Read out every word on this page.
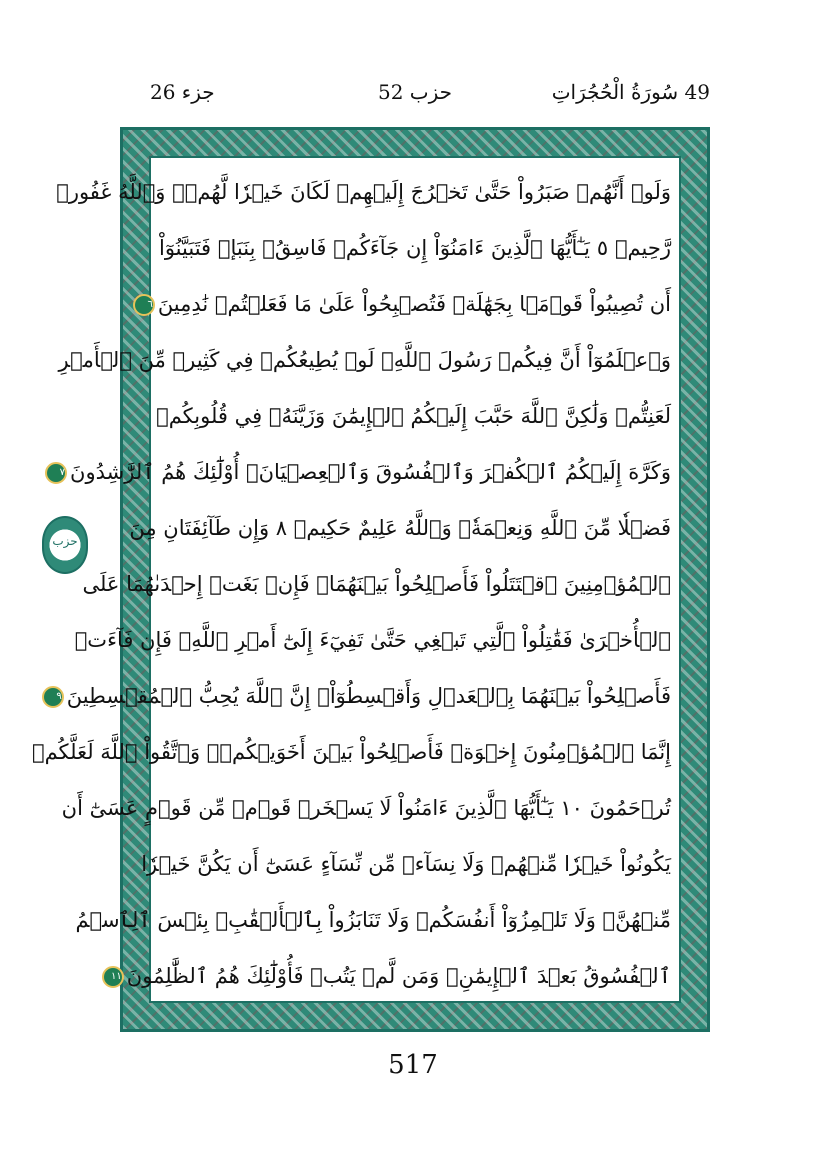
49 سُورَةُ الْحُجُرَاتِ
حزب 52
جزء 26
حزب
وَلَوۡ أَنَّهُمۡ صَبَرُواْ حَتَّىٰ تَخۡرُجَ إِلَيۡهِمۡ لَكَانَ خَيۡرٗا لَّهُمۡۚ وَٱللَّهُ غَفُورٞ
رَّحِيمٞ ٥ يَـٰٓأَيُّهَا ٱلَّذِينَ ءَامَنُوٓاْ إِن جَآءَكُمۡ فَاسِقُۢ بِنَبَإٖ فَتَبَيَّنُوٓاْ
أَن تُصِيبُواْ قَوۡمَۢا بِجَهَٰلَةٖ فَتُصۡبِحُواْ عَلَىٰ مَا فَعَلۡتُمۡ نَٰدِمِينَ٦
وَٱعۡلَمُوٓاْ أَنَّ فِيكُمۡ رَسُولَ ٱللَّهِۚ لَوۡ يُطِيعُكُمۡ فِي كَثِيرٖ مِّنَ ٱلۡأَمۡرِ
لَعَنِتُّمۡ وَلَٰكِنَّ ٱللَّهَ حَبَّبَ إِلَيۡكُمُ ٱلۡإِيمَٰنَ وَزَيَّنَهُۥ فِي قُلُوبِكُمۡ
وَكَرَّهَ إِلَيۡكُمُ ٱلۡكُفۡرَ وَٱلۡفُسُوقَ وَٱلۡعِصۡيَانَۚ أُوْلَٰٓئِكَ هُمُ ٱلرَّٰشِدُونَ٧
فَضۡلٗا مِّنَ ٱللَّهِ وَنِعۡمَةٗۚ وَٱللَّهُ عَلِيمٌ حَكِيمٞ ٨ وَإِن طَآئِفَتَانِ مِنَ
ٱلۡمُؤۡمِنِينَ ٱقۡتَتَلُواْ فَأَصۡلِحُواْ بَيۡنَهُمَاۖ فَإِنۢ بَغَتۡ إِحۡدَىٰهُمَا عَلَى
ٱلۡأُخۡرَىٰ فَقَٰتِلُواْ ٱلَّتِي تَبۡغِي حَتَّىٰ تَفِيٓءَ إِلَىٰٓ أَمۡرِ ٱللَّهِۚ فَإِن فَآءَتۡ
فَأَصۡلِحُواْ بَيۡنَهُمَا بِٱلۡعَدۡلِ وَأَقۡسِطُوٓاْۖ إِنَّ ٱللَّهَ يُحِبُّ ٱلۡمُقۡسِطِينَ٩
إِنَّمَا ٱلۡمُؤۡمِنُونَ إِخۡوَةٞ فَأَصۡلِحُواْ بَيۡنَ أَخَوَيۡكُمۡۚ وَٱتَّقُواْ ٱللَّهَ لَعَلَّكُمۡ
تُرۡحَمُونَ ١٠ يَـٰٓأَيُّهَا ٱلَّذِينَ ءَامَنُواْ لَا يَسۡخَرۡ قَوۡمٞ مِّن قَوۡمٍ عَسَىٰٓ أَن
يَكُونُواْ خَيۡرٗا مِّنۡهُمۡ وَلَا نِسَآءٞ مِّن نِّسَآءٍ عَسَىٰٓ أَن يَكُنَّ خَيۡرٗا
مِّنۡهُنَّۖ وَلَا تَلۡمِزُوٓاْ أَنفُسَكُمۡ وَلَا تَنَابَزُواْ بِٱلۡأَلۡقَٰبِۖ بِئۡسَ ٱلِٱسۡمُ
ٱلۡفُسُوقُ بَعۡدَ ٱلۡإِيمَٰنِۚ وَمَن لَّمۡ يَتُبۡ فَأُوْلَٰٓئِكَ هُمُ ٱلظَّٰلِمُونَ١١
517
